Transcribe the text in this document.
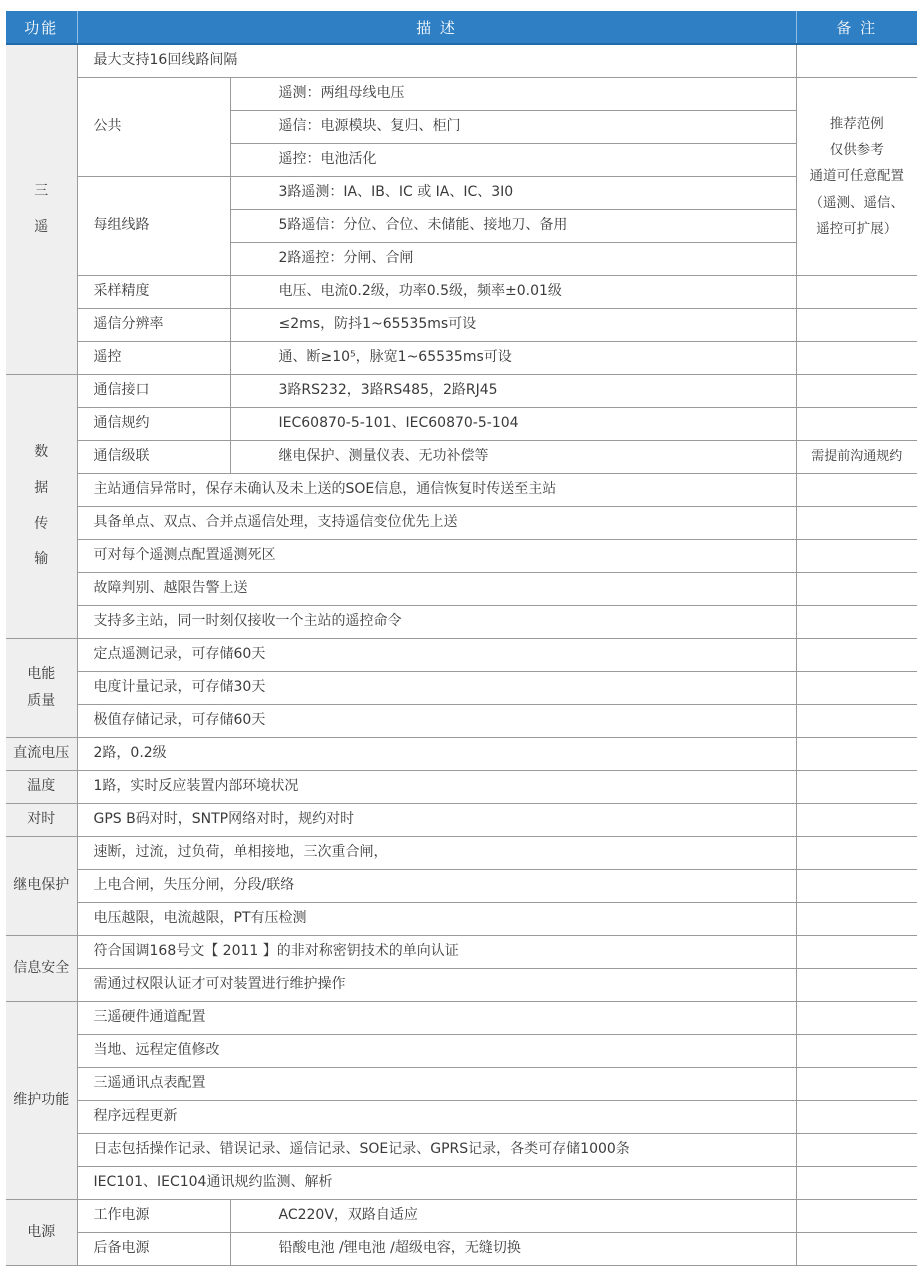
功能	描 述		备 注
三
遥	最大支持16回线路间隔		
	公共	遥测：两组母线电压	推荐范例
仅供参考
通道可任意配置
（遥测、遥信、
遥控可扩展）
		遥信：电源模块、复归、柜门	
		遥控：电池活化	
	每组线路	3路遥测：IA、IB、IC 或 IA、IC、3I0	
		5路遥信：分位、合位、未储能、接地刀、备用	
		2路遥控：分闸、合闸	
	采样精度	电压、电流0.2级，功率0.5级，频率±0.01级	
	遥信分辨率	≤2ms，防抖1~65535ms可设	
	遥控	通、断≥10⁵，脉宽1~65535ms可设	
数
据
传
输	通信接口	3路RS232，3路RS485，2路RJ45	
	通信规约	IEC60870-5-101、IEC60870-5-104	
	通信级联	继电保护、测量仪表、无功补偿等	需提前沟通规约
	主站通信异常时，保存未确认及未上送的SOE信息，通信恢复时传送至主站		
	具备单点、双点、合并点遥信处理，支持遥信变位优先上送		
	可对每个遥测点配置遥测死区		
	故障判别、越限告警上送		
	支持多主站，同一时刻仅接收一个主站的遥控命令		
电能
质量	定点遥测记录，可存储60天		
	电度计量记录，可存储30天		
	极值存储记录，可存储60天		
直流电压	2路，0.2级		
温度	1路，实时反应装置内部环境状况		
对时	GPS B码对时，SNTP网络对时，规约对时		
继电保护	速断，过流，过负荷，单相接地，三次重合闸，		
	上电合闸，失压分闸，分段/联络		
	电压越限，电流越限，PT有压检测		
信息安全	符合国调168号文【 2011 】的非对称密钥技术的单向认证		
	需通过权限认证才可对装置进行维护操作		
维护功能	三遥硬件通道配置		
	当地、远程定值修改		
	三遥通讯点表配置		
	程序远程更新		
	日志包括操作记录、错误记录、遥信记录、SOE记录、GPRS记录，各类可存储1000条		
	IEC101、IEC104通讯规约监测、解析		
电源	工作电源	AC220V，双路自适应	
	后备电源	铅酸电池 /锂电池 /超级电容，无缝切换	
